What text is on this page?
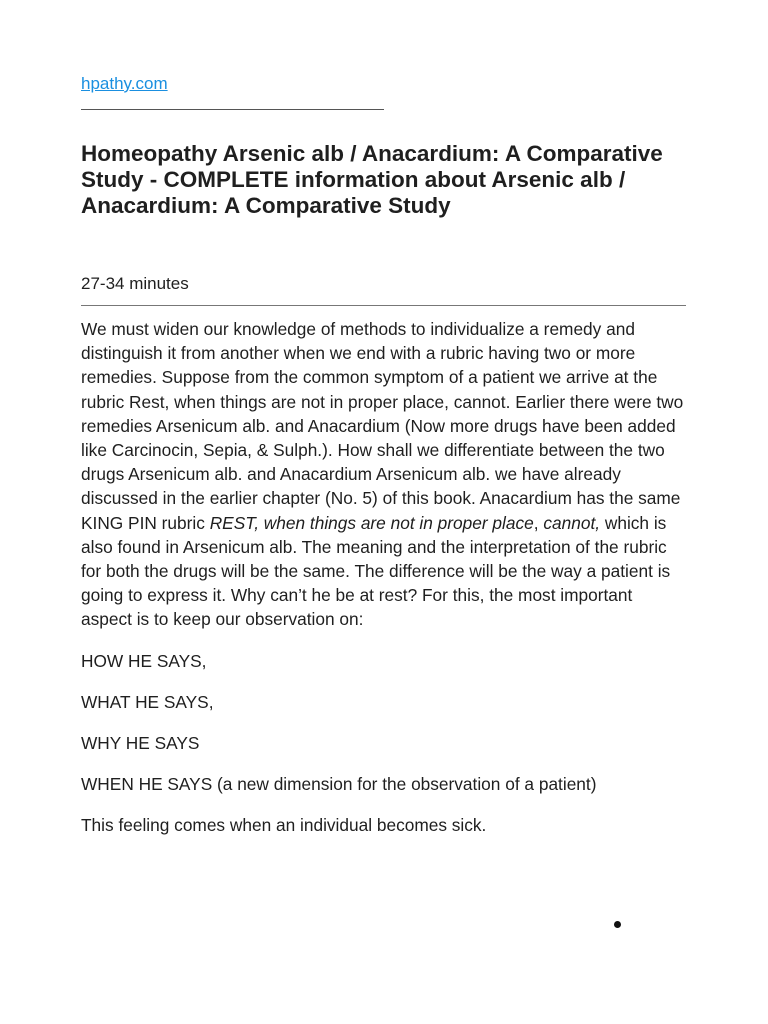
hpathy.com
Homeopathy Arsenic alb / Anacardium: A Comparative Study - COMPLETE information about Arsenic alb / Anacardium: A Comparative Study
27-34 minutes

We must widen our knowledge of methods to individualize a remedy and distinguish it from another when we end with a rubric having two or more remedies. Suppose from the common symptom of a patient we arrive at the rubric Rest, when things are not in proper place, cannot. Earlier there were two remedies Arsenicum alb. and Anacardium (Now more drugs have been added like Carcinocin, Sepia, & Sulph.). How shall we differentiate between the two drugs Arsenicum alb. and Anacardium Arsenicum alb. we have already discussed in the earlier chapter (No. 5) of this book. Anacardium has the same KING PIN rubric REST, when things are not in proper place, cannot, which is also found in Arsenicum alb. The meaning and the interpretation of the rubric for both the drugs will be the same. The difference will be the way a patient is going to express it. Why can’t he be at rest? For this, the most important aspect is to keep our observation on:

HOW HE SAYS,

WHAT HE SAYS,

WHY HE SAYS

WHEN HE SAYS (a new dimension for the observation of a patient)

This feeling comes when an individual becomes sick.
